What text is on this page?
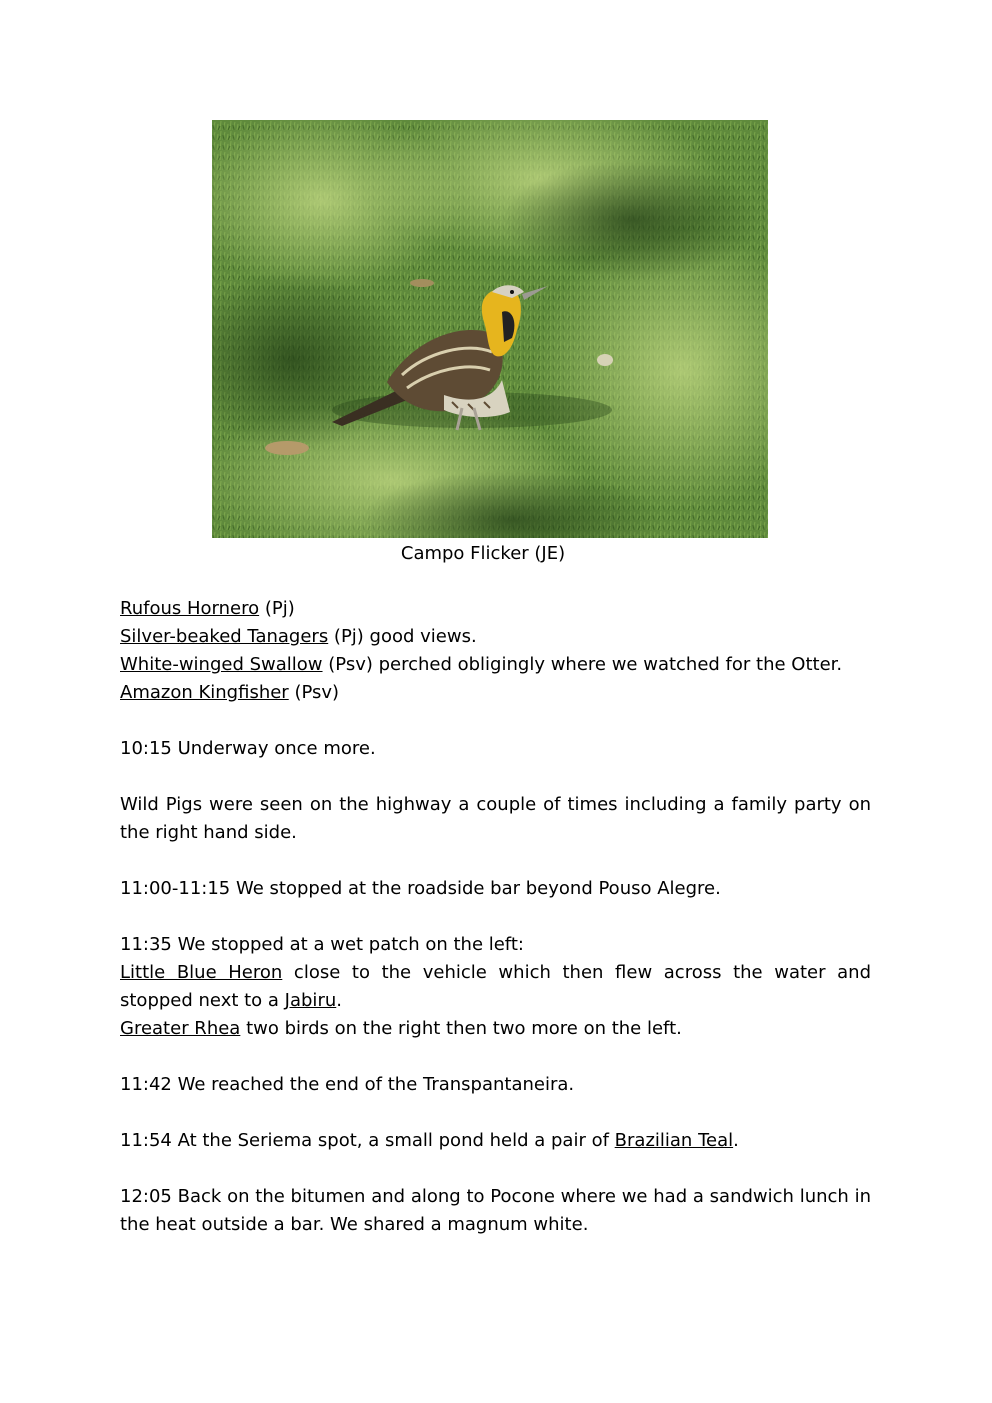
Campo Flicker (JE)

Rufous Hornero (Pj)
Silver-beaked Tanagers (Pj) good views.
White-winged Swallow (Psv) perched obligingly where we watched for the Otter.
Amazon Kingfisher (Psv)

10:15 Underway once more.

Wild Pigs were seen on the highway a couple of times including a family party on the right hand side.

11:00-11:15 We stopped at the roadside bar beyond Pouso Alegre.

11:35 We stopped at a wet patch on the left:
Little Blue Heron close to the vehicle which then flew across the water and stopped next to a Jabiru.
Greater Rhea two birds on the right then two more on the left.

11:42 We reached the end of the Transpantaneira.

11:54 At the Seriema spot, a small pond held a pair of Brazilian Teal.

12:05 Back on the bitumen and along to Pocone where we had a sandwich lunch in the heat outside a bar. We shared a magnum white.
